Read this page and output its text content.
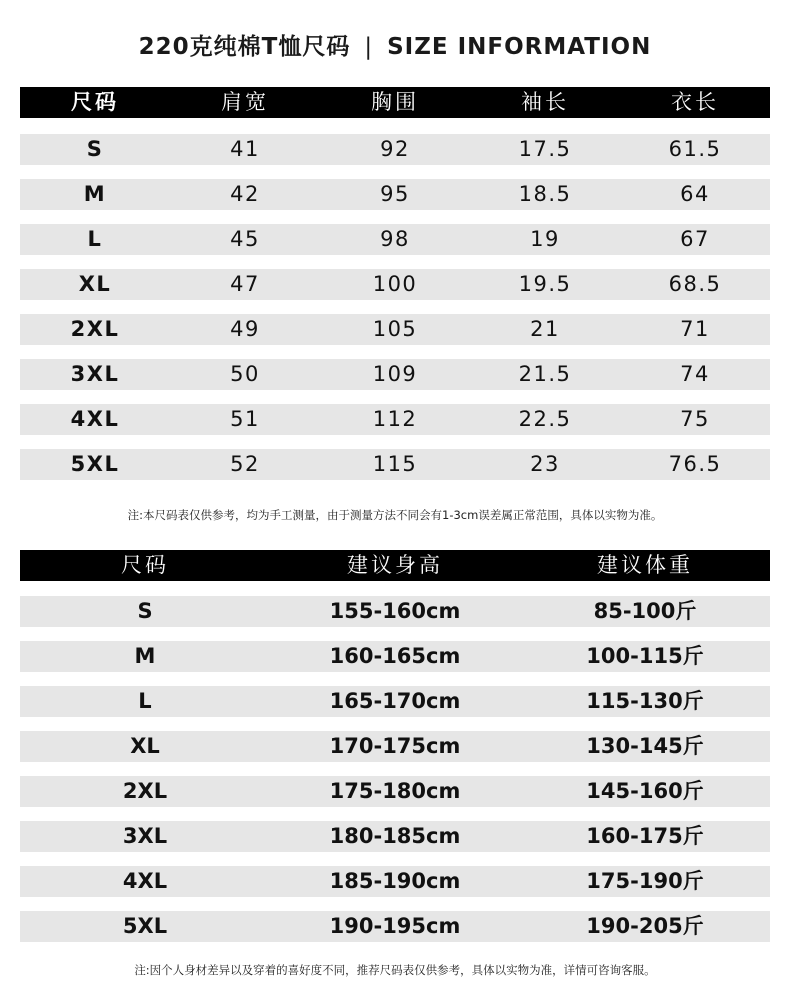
220克纯棉T恤尺码 | SIZE INFORMATION
尺码	肩宽	胸围	袖长	衣长
S	41	92	17.5	61.5
M	42	95	18.5	64
L	45	98	19	67
XL	47	100	19.5	68.5
2XL	49	105	21	71
3XL	50	109	21.5	74
4XL	51	112	22.5	75
5XL	52	115	23	76.5
注:本尺码表仅供参考，均为手工测量，由于测量方法不同会有1-3cm误差属正常范围，具体以实物为准。
尺码	建议身高	建议体重
S	155-160cm	85-100斤
M	160-165cm	100-115斤
L	165-170cm	115-130斤
XL	170-175cm	130-145斤
2XL	175-180cm	145-160斤
3XL	180-185cm	160-175斤
4XL	185-190cm	175-190斤
5XL	190-195cm	190-205斤
注:因个人身材差异以及穿着的喜好度不同，推荐尺码表仅供参考，具体以实物为准，详情可咨询客服。
